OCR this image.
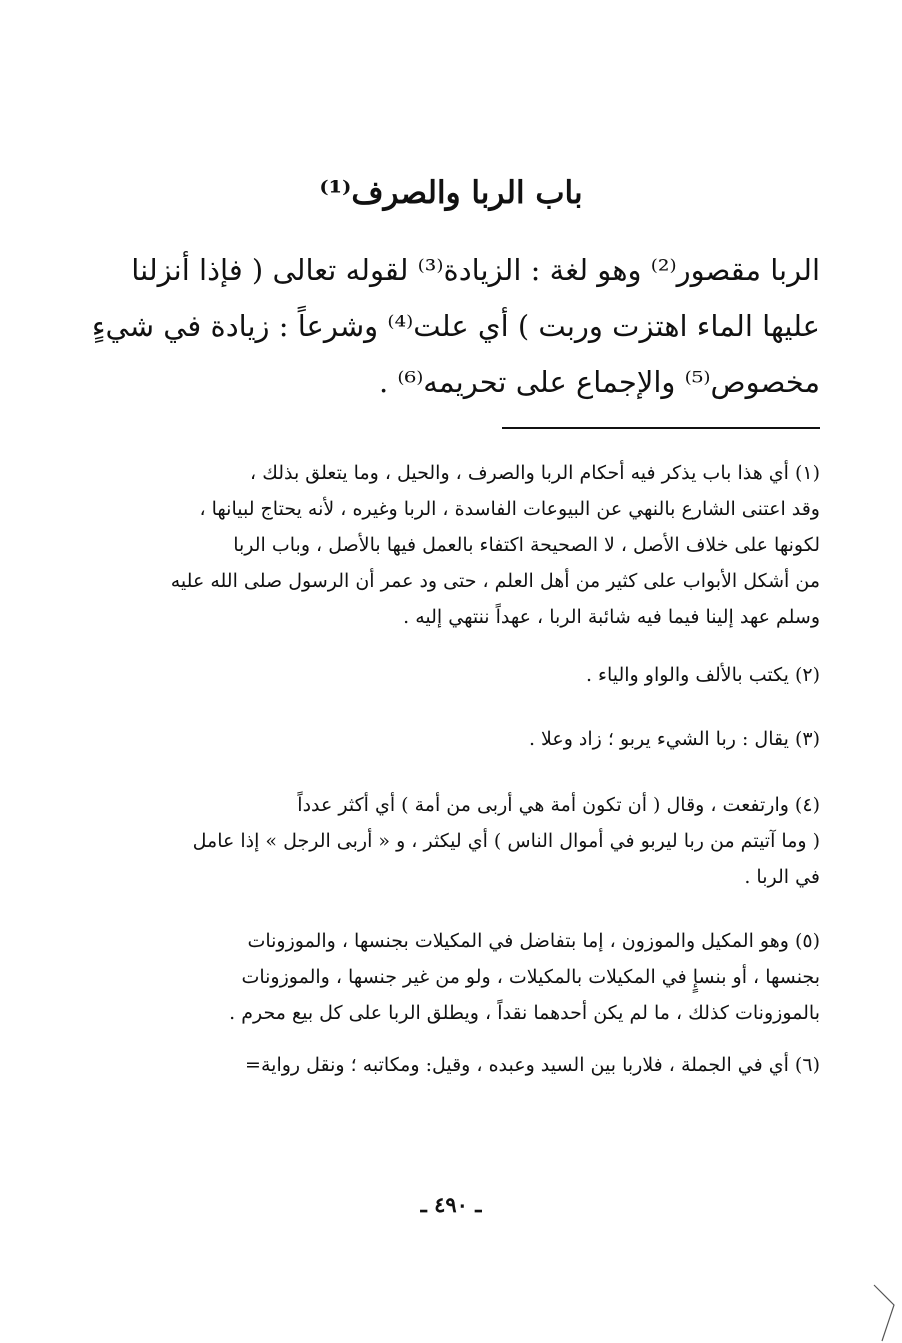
باب الربا والصرف⁽¹⁾
الربا مقصور⁽²⁾ وهو لغة : الزيادة⁽³⁾ لقوله تعالى ( فإذا أنزلنا
عليها الماء اهتزت وربت ) أي علت⁽⁴⁾ وشرعاً : زيادة في شيءٍ
مخصوص⁽⁵⁾ والإجماع على تحريمه⁽⁶⁾ .
(١) أي هذا باب يذكر فيه أحكام الربا والصرف ، والحيل ، وما يتعلق بذلك ،
وقد اعتنى الشارع بالنهي عن البيوعات الفاسدة ، الربا وغيره ، لأنه يحتاج لبيانها ،
لكونها على خلاف الأصل ، لا الصحيحة اكتفاء بالعمل فيها بالأصل ، وباب الربا
من أشكل الأبواب على كثير من أهل العلم ، حتى ود عمر أن الرسول صلى الله عليه
وسلم عهد إلينا فيما فيه شائبة الربا ، عهداً ننتهي إليه .
(٢) يكتب بالألف والواو والياء .
(٣) يقال : ربا الشيء يربو ؛ زاد وعلا .
(٤) وارتفعت ، وقال ( أن تكون أمة هي أربى من أمة ) أي أكثر عدداً
( وما آتيتم من ربا ليربو في أموال الناس ) أي ليكثر ، و « أربى الرجل » إذا عامل
في الربا .
(٥) وهو المكيل والموزون ، إما بتفاضل في المكيلات بجنسها ، والموزونات
بجنسها ، أو بنسإٍ في المكيلات بالمكيلات ، ولو من غير جنسها ، والموزونات
بالموزونات كذلك ، ما لم يكن أحدهما نقداً ، ويطلق الربا على كل بيع محرم .
(٦) أي في الجملة ، فلاربا بين السيد وعبده ، وقيل: ومكاتبه ؛ ونقل رواية=
ـ ٤٩٠ ـ
